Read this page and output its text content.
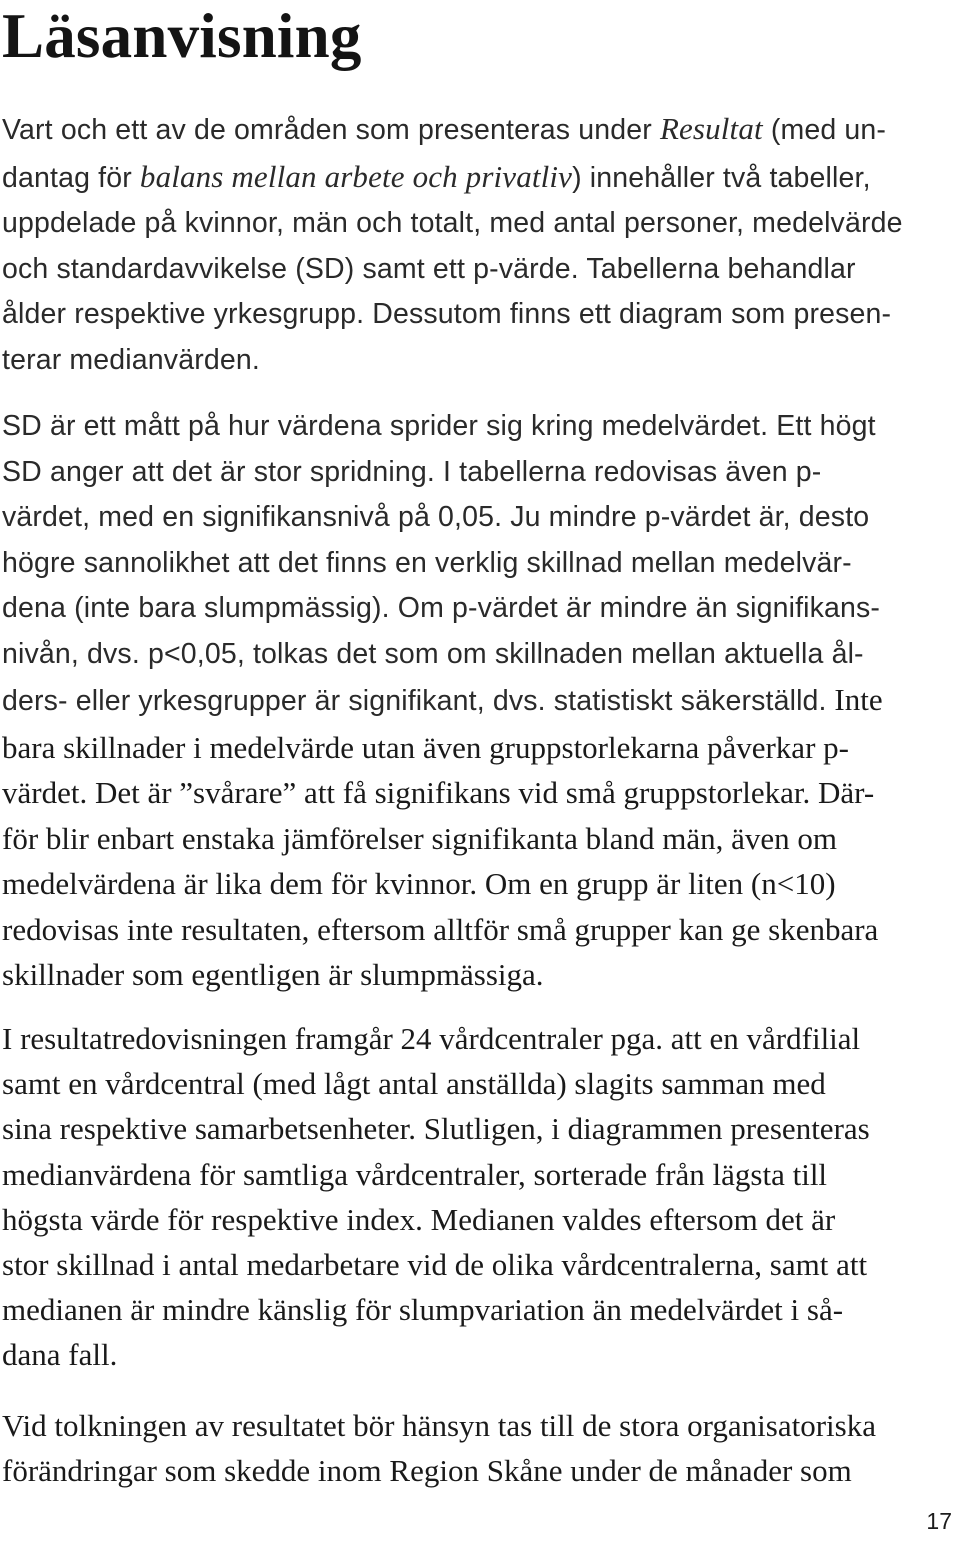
Läsanvisning
Vart och ett av de områden som presenteras under Resultat (med un-
dantag för balans mellan arbete och privatliv) innehåller två tabeller,
uppdelade på kvinnor, män och totalt, med antal personer, medelvärde
och standardavvikelse (SD) samt ett p-värde. Tabellerna behandlar
ålder respektive yrkesgrupp. Dessutom finns ett diagram som presen-
terar medianvärden.
SD är ett mått på hur värdena sprider sig kring medelvärdet. Ett högt
SD anger att det är stor spridning. I tabellerna redovisas även p-
värdet, med en signifikansnivå på 0,05. Ju mindre p-värdet är, desto
högre sannolikhet att det finns en verklig skillnad mellan medelvär-
dena (inte bara slumpmässig). Om p-värdet är mindre än signifikans-
nivån, dvs. p<0,05, tolkas det som om skillnaden mellan aktuella ål-
ders- eller yrkesgrupper är signifikant, dvs. statistiskt säkerställd. Inte
bara skillnader i medelvärde utan även gruppstorlekarna påverkar p-
värdet. Det är ”svårare” att få signifikans vid små gruppstorlekar. Där-
för blir enbart enstaka jämförelser signifikanta bland män, även om
medelvärdena är lika dem för kvinnor. Om en grupp är liten (n<10)
redovisas inte resultaten, eftersom alltför små grupper kan ge skenbara
skillnader som egentligen är slumpmässiga.
I resultatredovisningen framgår 24 vårdcentraler pga. att en vårdfilial
samt en vårdcentral (med lågt antal anställda) slagits samman med
sina respektive samarbetsenheter. Slutligen, i diagrammen presenteras
medianvärdena för samtliga vårdcentraler, sorterade från lägsta till
högsta värde för respektive index. Medianen valdes eftersom det är
stor skillnad i antal medarbetare vid de olika vårdcentralerna, samt att
medianen är mindre känslig för slumpvariation än medelvärdet i så-
dana fall.
Vid tolkningen av resultatet bör hänsyn tas till de stora organisatoriska
förändringar som skedde inom Region Skåne under de månader som

17
